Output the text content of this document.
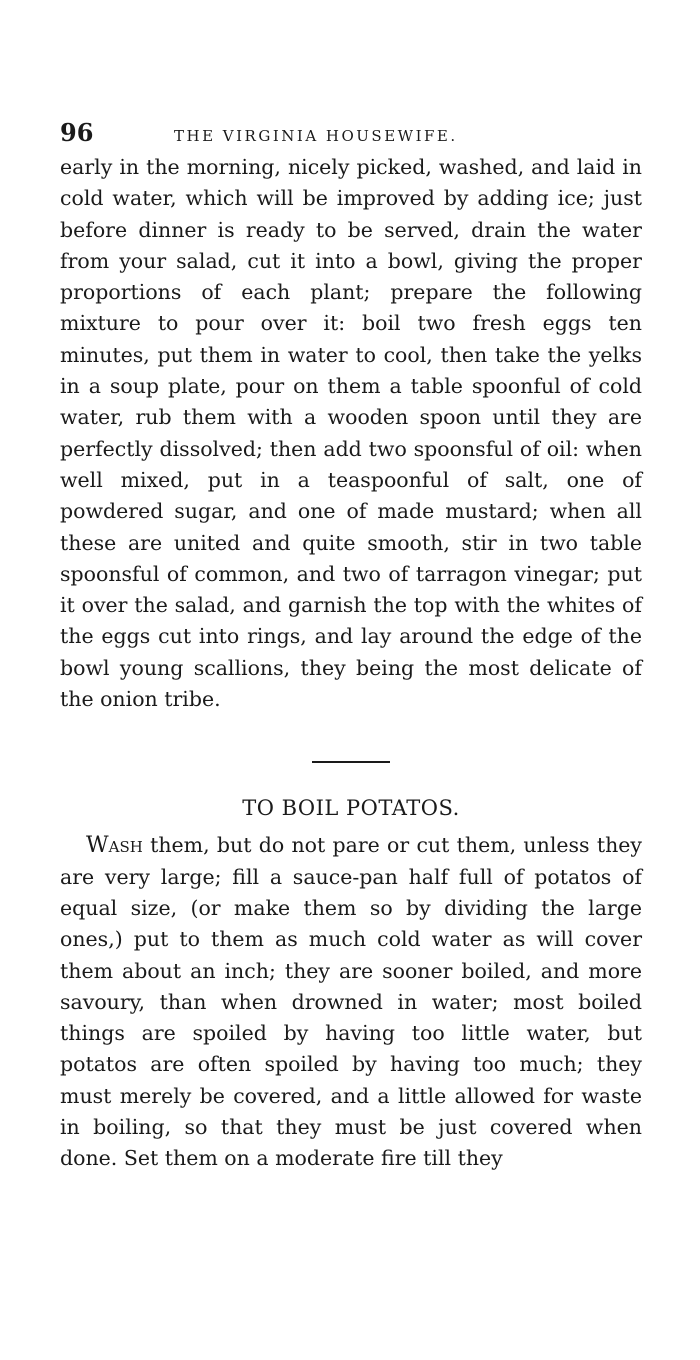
96	THE VIRGINIA HOUSEWIFE.

early in the morning, nicely picked, washed, and laid in cold water, which will be improved by adding ice; just before dinner is ready to be served, drain the water from your salad, cut it into a bowl, giving the proper proportions of each plant; prepare the following mixture to pour over it: boil two fresh eggs ten minutes, put them in water to cool, then take the yelks in a soup plate, pour on them a table spoonful of cold water, rub them with a wooden spoon until they are perfectly dissolved; then add two spoonsful of oil: when well mixed, put in a teaspoonful of salt, one of powdered sugar, and one of made mustard; when all these are united and quite smooth, stir in two table spoonsful of common, and two of tarragon vinegar; put it over the salad, and garnish the top with the whites of the eggs cut into rings, and lay around the edge of the bowl young scallions, they being the most delicate of the onion tribe.

TO BOIL POTATOS.

Wash them, but do not pare or cut them, unless they are very large; fill a sauce-pan half full of potatos of equal size, (or make them so by dividing the large ones,) put to them as much cold water as will cover them about an inch; they are sooner boiled, and more savoury, than when drowned in water; most boiled things are spoiled by having too little water, but potatos are often spoiled by having too much; they must merely be covered, and a little allowed for waste in boiling, so that they must be just covered when done. Set them on a moderate fire till they
